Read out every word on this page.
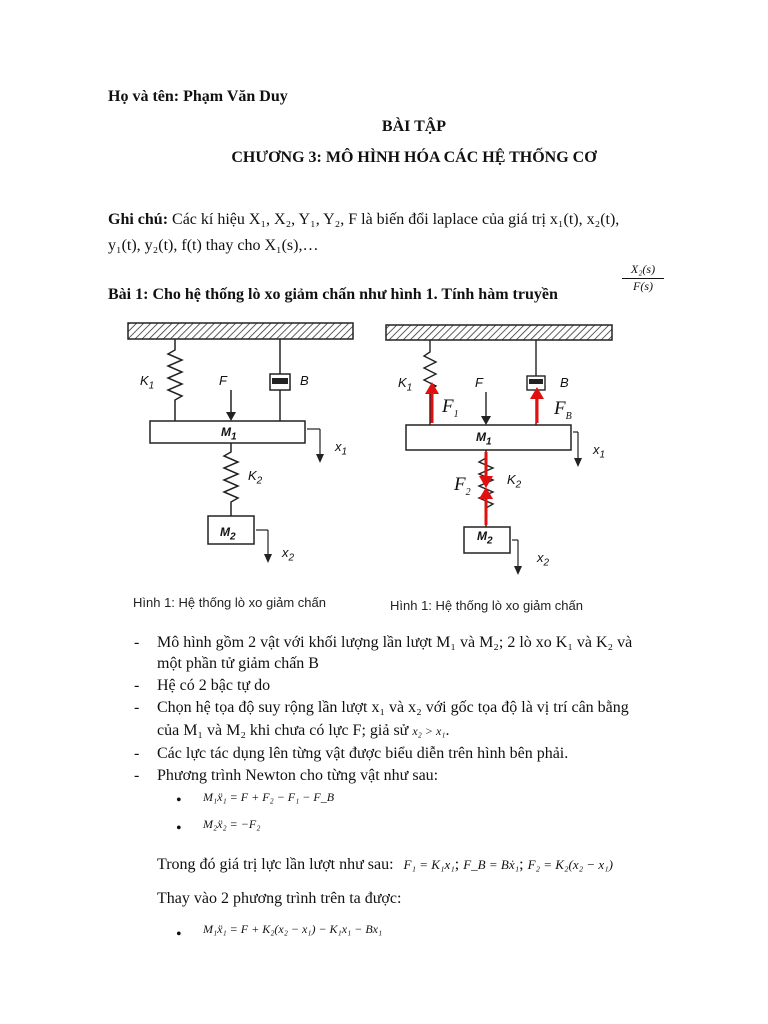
Họ và tên: Phạm Văn Duy
BÀI TẬP
CHƯƠNG 3: MÔ HÌNH HÓA CÁC HỆ THỐNG CƠ
Ghi chú: Các kí hiệu X₁, X₂, Y₁, Y₂, F là biến đổi laplace của giá trị x₁(t), x₂(t),
y₁(t), y₂(t), f(t) thay cho X₁(s),…
Bài 1: Cho hệ thống lò xo giảm chấn như hình 1. Tính hàm truyền
$\frac{\text{X₂(s)}}{F(s)}$
$K_1$	F	B
$M_1$
$x_1$
$K_2$
$M_2$
$x_2$
Hình 1: Hệ thống lò xo giảm chấn
$K_1$	F	B
$F_1$	$F_B$
$M_1$
$x_1$
$K_2$
$F_2$
$M_2$
$x_2$
Hình 1: Hệ thống lò xo giảm chấn
- Mô hình gồm 2 vật với khối lượng lần lượt M₁ và M₂; 2 lò xo K₁ và K₂ và
một phần tử giảm chấn B
- Hệ có 2 bậc tự do
- Chọn hệ tọa độ suy rộng lần lượt x₁ và x₂ với gốc tọa độ là vị trí cân bằng
của M₁ và M₂ khi chưa có lực F; giả sử x₂ > x₁.
- Các lực tác dụng lên từng vật được biểu diễn trên hình bên phải.
- Phương trình Newton cho từng vật như sau:
• M₁ẍ₁ = F + F₂ − F₁ − F_B
• M₂ẍ₂ = −F₂
Trong đó giá trị lực lần lượt như sau: F₁ = K₁x₁; F_B = Bẋ₁; F₂ = K₂(x₂ − x₁)
Thay vào 2 phương trình trên ta được:
• M₁ẍ₁ = F + K₂(x₂ − x₁) − K₁x₁ − Bx₁
